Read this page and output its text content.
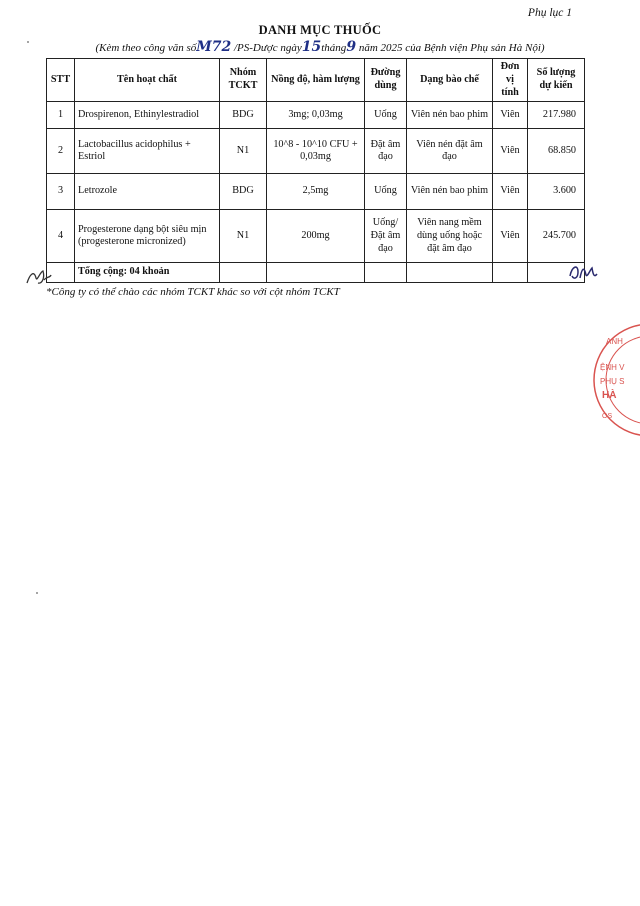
Phụ lục 1
DANH MỤC THUỐC
(Kèm theo công văn sốM72 /PS-Dược ngày15tháng9 năm 2025 của Bệnh viện Phụ sản Hà Nội)
STT	Tên hoạt chất	Nhóm TCKT	Nồng độ, hàm lượng	Đường dùng	Dạng bào chế	Đơn vị tính	Số lượng dự kiến
1	Drospirenon, Ethinylestradiol	BDG	3mg; 0,03mg	Uống	Viên nén bao phim	Viên	217.980
2	Lactobacillus acidophilus + Estriol	N1	10^8 - 10^10 CFU + 0,03mg	Đặt âm đạo	Viên nén đặt âm đạo	Viên	68.850
3	Letrozole	BDG	2,5mg	Uống	Viên nén bao phim	Viên	3.600
4	Progesterone dạng bột siêu mịn (progesterone micronized)	N1	200mg	Uống/ Đặt âm đạo	Viên nang mềm dùng uống hoặc đặt âm đạo	Viên	245.700
	Tổng cộng: 04 khoản						
*Công ty có thể chào các nhóm TCKT khác so với cột nhóm TCKT
ANH
ỆNH V
PHỤ S
HÀ
OS
